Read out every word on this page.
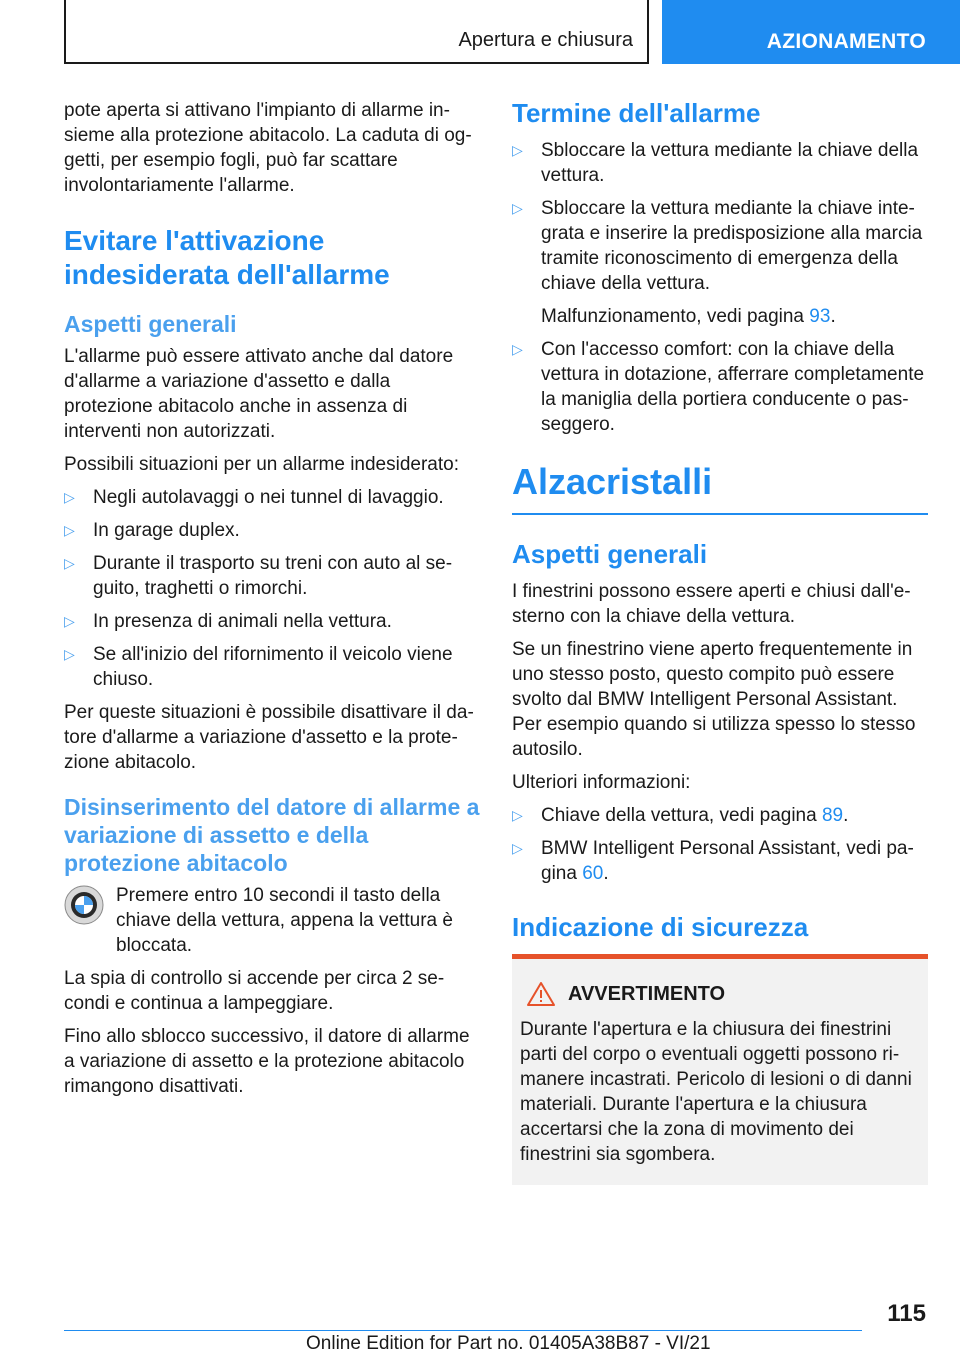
Apertura e chiusura	AZIONAMENTO

pote aperta si attivano l'impianto di allarme insieme alla protezione abitacolo. La caduta di oggetti, per esempio fogli, può far scattare involontariamente l'allarme.

Evitare l'attivazione indesiderata dell'allarme
Aspetti generali

L'allarme può essere attivato anche dal datore d'allarme a variazione d'assetto e dalla protezione abitacolo anche in assenza di interventi non autorizzati.

Possibili situazioni per un allarme indesiderato:

▷ Negli autolavaggi o nei tunnel di lavaggio.
▷ In garage duplex.
▷ Durante il trasporto su treni con auto al seguito, traghetti o rimorchi.
▷ In presenza di animali nella vettura.
▷ Se all'inizio del rifornimento il veicolo viene chiuso.

Per queste situazioni è possibile disattivare il datore d'allarme a variazione d'assetto e la protezione abitacolo.

Disinserimento del datore di allarme a variazione di assetto e della protezione abitacolo

Premere entro 10 secondi il tasto della chiave della vettura, appena la vettura è bloccata.

La spia di controllo si accende per circa 2 secondi e continua a lampeggiare.

Fino allo sblocco successivo, il datore di allarme a variazione di assetto e la protezione abitacolo rimangono disattivati.

Termine dell'allarme
▷ Sbloccare la vettura mediante la chiave della vettura.
▷ Sbloccare la vettura mediante la chiave integrata e inserire la predisposizione alla marcia tramite riconoscimento di emergenza della chiave della vettura.
Malfunzionamento, vedi pagina 93.
▷ Con l'accesso comfort: con la chiave della vettura in dotazione, afferrare completamente la maniglia della portiera conducente o passeggero.
Alzacristalli
Aspetti generali

I finestrini possono essere aperti e chiusi dall'esterno con la chiave della vettura.

Se un finestrino viene aperto frequentemente in uno stesso posto, questo compito può essere svolto dal BMW Intelligent Personal Assistant. Per esempio quando si utilizza spesso lo stesso autosilo.

Ulteriori informazioni:

▷ Chiave della vettura, vedi pagina 89.
▷ BMW Intelligent Personal Assistant, vedi pagina 60.
Indicazione di sicurezza
AVVERTIMENTO

Durante l'apertura e la chiusura dei finestrini parti del corpo o eventuali oggetti possono rimanere incastrati. Pericolo di lesioni o di danni materiali. Durante l'apertura e la chiusura accertarsi che la zona di movimento dei finestrini sia sgombera.

115
Online Edition for Part no. 01405A38B87 - VI/21
